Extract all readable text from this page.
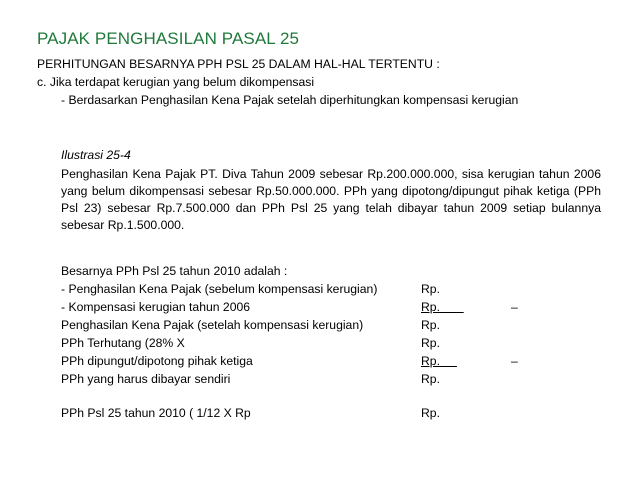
PAJAK PENGHASILAN PASAL 25
PERHITUNGAN BESARNYA PPH PSL 25 DALAM HAL-HAL TERTENTU :
c. Jika terdapat kerugian yang belum dikompensasi
- Berdasarkan Penghasilan Kena Pajak setelah diperhitungkan kompensasi kerugian
Ilustrasi 25-4
Penghasilan Kena Pajak PT. Diva Tahun 2009 sebesar Rp.200.000.000, sisa kerugian tahun 2006 yang belum dikompensasi sebesar Rp.50.000.000. PPh yang dipotong/dipungut pihak ketiga (PPh Psl 23) sebesar Rp.7.500.000 dan PPh Psl 25 yang telah dibayar tahun 2009 setiap bulannya sebesar Rp.1.500.000.
Besarnya PPh Psl 25 tahun 2010 adalah :
- Penghasilan Kena Pajak (sebelum kompensasi kerugian)	Rp.
- Kompensasi kerugian tahun 2006	Rp.	–
Penghasilan Kena Pajak (setelah kompensasi kerugian)	Rp.
PPh Terhutang (28% X	Rp.
PPh dipungut/dipotong pihak ketiga	Rp.	–
PPh yang harus dibayar sendiri	Rp.
PPh Psl 25 tahun 2010 ( 1/12 X Rp	Rp.
